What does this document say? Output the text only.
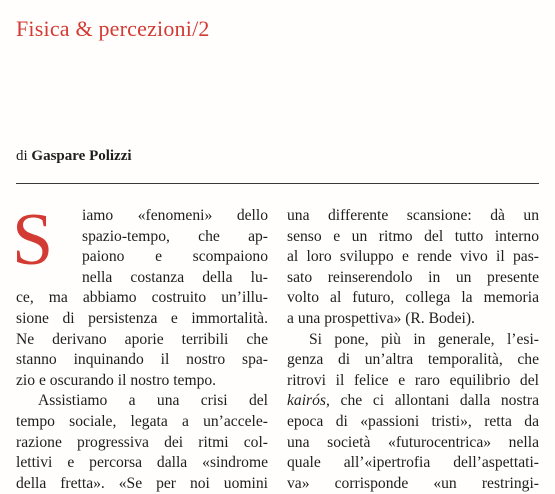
Fisica & percezioni/2
di Gaspare Polizzi
S iamo «fenomeni» dello
spazio-tempo, che ap-
paiono e scompaiono
nella costanza della lu-
ce, ma abbiamo costruito un’illu-
sione di persistenza e immortalità.
Ne derivano aporie terribili che
stanno inquinando il nostro spa-
zio e oscurando il nostro tempo.
Assistiamo a una crisi del
tempo sociale, legata a un’accele-
razione progressiva dei ritmi col-
lettivi e percorsa dalla «sindrome
della fretta». «Se per noi uomini
una differente scansione: dà un
senso e un ritmo del tutto interno
al loro sviluppo e rende vivo il pas-
sato reinserendolo in un presente
volto al futuro, collega la memoria
a una prospettiva» (R. Bodei).
Si pone, più in generale, l’esi-
genza di un’altra temporalità, che
ritrovi il felice e raro equilibrio del
kairós, che ci allontani dalla nostra
epoca di «passioni tristi», retta da
una società «futurocentrica» nella
quale all’«ipertrofia dell’aspettati-
va» corrisponde «un restringi-
